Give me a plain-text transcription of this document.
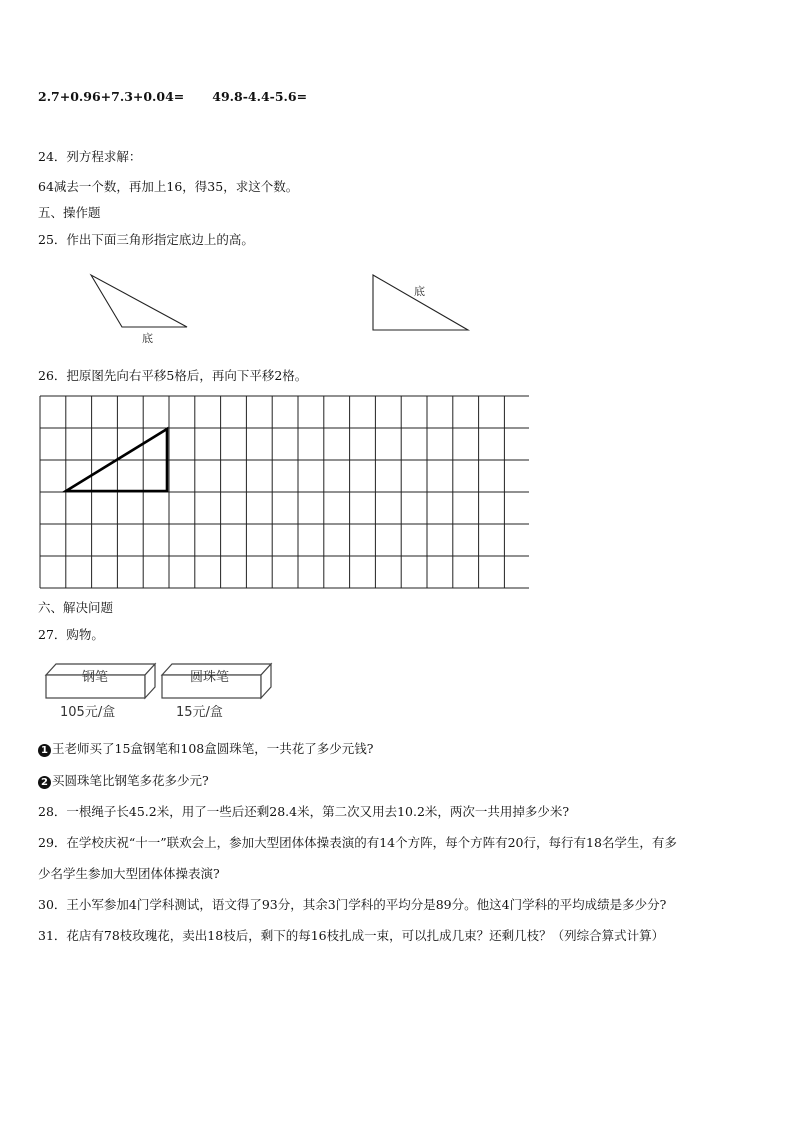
2.7+0.96+7.3+0.04= 49.8-4.4-5.6=
24．列方程求解：
64减去一个数，再加上16，得35，求这个数。
五、操作题
25．作出下面三角形指定底边上的高。
底
底
26．把原图先向右平移5格后，再向下平移2格。
六、解决问题
27．购物。
钢笔
105元/盒
圆珠笔
15元/盒
1 王老师买了15盒钢笔和108盒圆珠笔，一共花了多少元钱?
2 买圆珠笔比钢笔多花多少元?
28．一根绳子长45.2米，用了一些后还剩28.4米，第二次又用去10.2米，两次一共用掉多少米?
29．在学校庆祝“十一”联欢会上，参加大型团体体操表演的有14个方阵，每个方阵有20行，每行有18名学生，有多
少名学生参加大型团体体操表演?
30．王小军参加4门学科测试，语文得了93分，其余3门学科的平均分是89分。他这4门学科的平均成绩是多少分?
31．花店有78枝玫瑰花，卖出18枝后，剩下的每16枝扎成一束，可以扎成几束？还剩几枝？（列综合算式计算）
